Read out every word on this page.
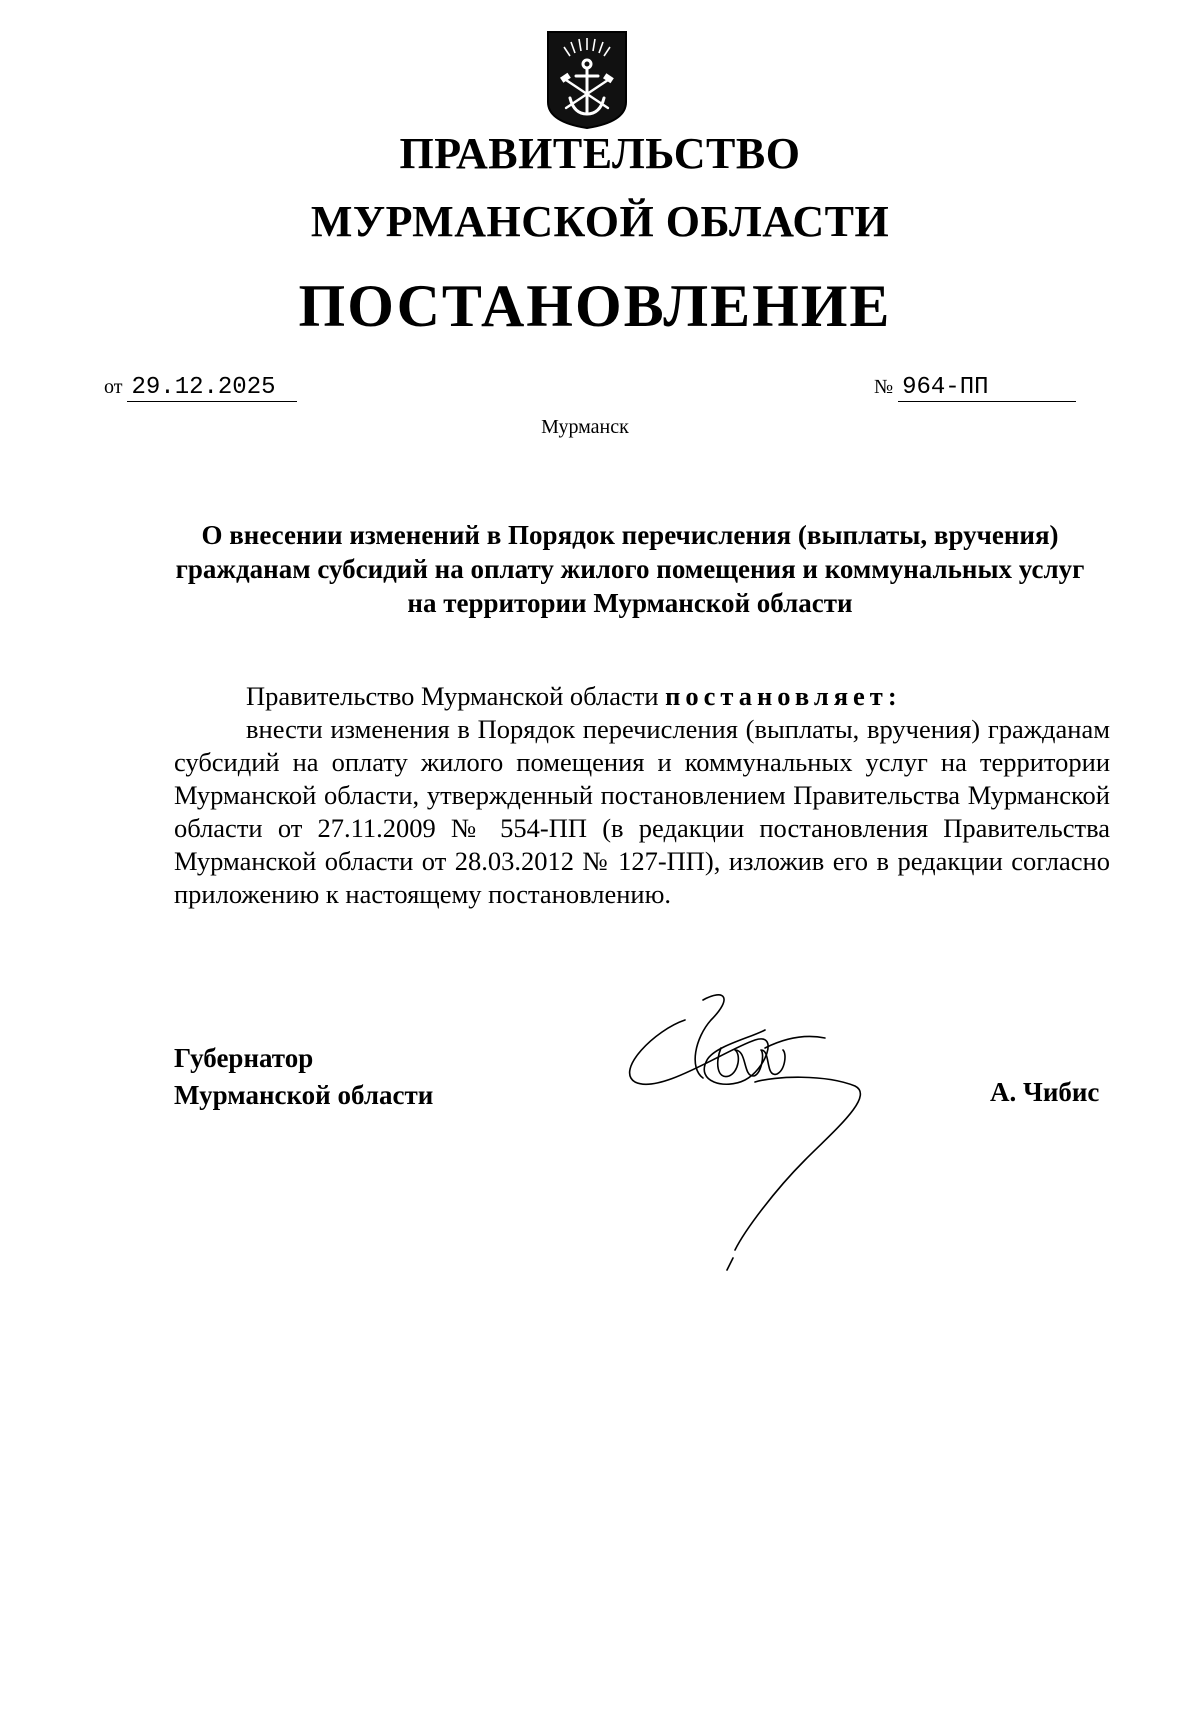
ПРАВИТЕЛЬСТВО
МУРМАНСКОЙ ОБЛАСТИ
ПОСТАНОВЛЕНИЕ
от 29.12.2025	№ 964-ПП
Мурманск
О внесении изменений в Порядок перечисления (выплаты, вручения) гражданам субсидий на оплату жилого помещения и коммунальных услуг на территории Мурманской области

Правительство Мурманской области постановляет:

внести изменения в Порядок перечисления (выплаты, вручения) гражданам субсидий на оплату жилого помещения и коммунальных услуг на территории Мурманской области, утвержденный постановлением Правительства Мурманской области от 27.11.2009 № 554-ПП (в редакции постановления Правительства Мурманской области от 28.03.2012 № 127-ПП), изложив его в редакции согласно приложению к настоящему постановлению.

Губернатор
Мурманской области	А. Чибис
